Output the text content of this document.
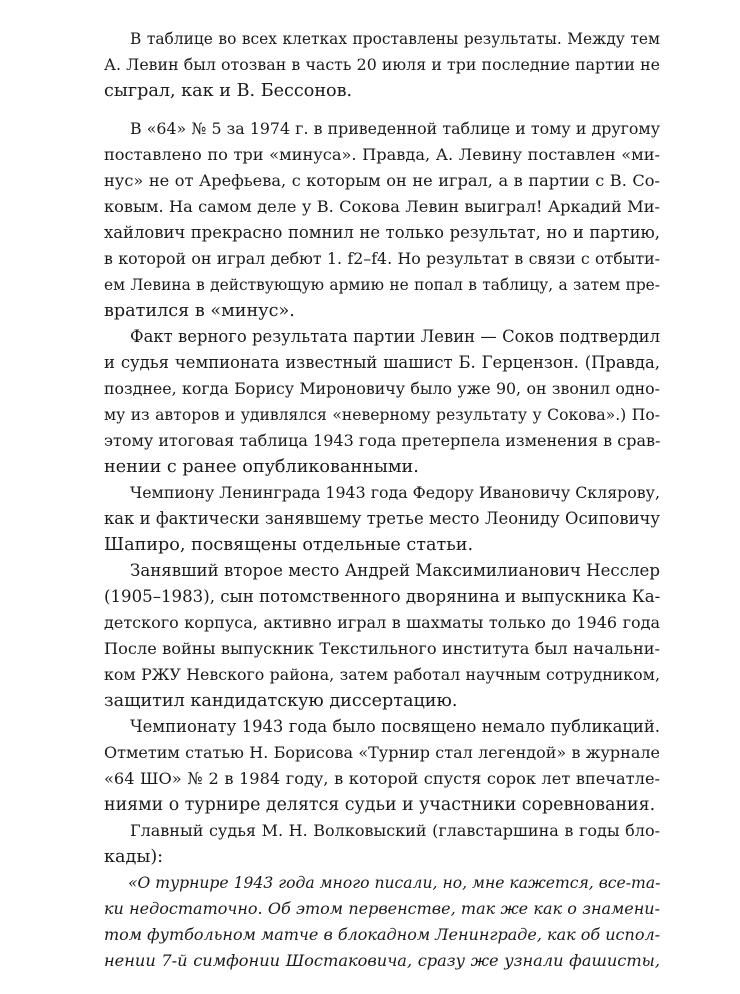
В таблице во всех клетках проставлены результаты. Между тем
А. Левин был отозван в часть 20 июля и три последние партии не
сыграл, как и В. Бессонов.
В «64» № 5 за 1974 г. в приведенной таблице и тому и другому
поставлено по три «минуса». Правда, А. Левину поставлен «ми-
нус» не от Арефьева, с которым он не играл, а в партии с В. Со-
ковым. На самом деле у В. Сокова Левин выиграл! Аркадий Ми-
хайлович прекрасно помнил не только результат, но и партию,
в которой он играл дебют 1. f2–f4. Но результат в связи с отбыти-
ем Левина в действующую армию не попал в таблицу, а затем пре-
вратился в «минус».
Факт верного результата партии Левин — Соков подтвердил
и судья чемпионата известный шашист Б. Герцензон. (Правда,
позднее, когда Борису Мироновичу было уже 90, он звонил одно-
му из авторов и удивлялся «неверному результату у Сокова».) По-
этому итоговая таблица 1943 года претерпела изменения в срав-
нении с ранее опубликованными.
Чемпиону Ленинграда 1943 года Федору Ивановичу Склярову,
как и фактически занявшему третье место Леониду Осиповичу
Шапиро, посвящены отдельные статьи.
Занявший второе место Андрей Максимилианович Несслер
(1905–1983), сын потомственного дворянина и выпускника Ка-
детского корпуса, активно играл в шахматы только до 1946 года
После войны выпускник Текстильного института был начальни-
ком РЖУ Невского района, затем работал научным сотрудником,
защитил кандидатскую диссертацию.
Чемпионату 1943 года было посвящено немало публикаций.
Отметим статью Н. Борисова «Турнир стал легендой» в журнале
«64 ШО» № 2 в 1984 году, в которой спустя сорок лет впечатле-
ниями о турнире делятся судьи и участники соревнования.
Главный судья М. Н. Волковыский (главстаршина в годы бло-
кады):
«О турнире 1943 года много писали, но, мне кажется, все-та-
ки недостаточно. Об этом первенстве, так же как о знамени-
том футбольном матче в блокадном Ленинграде, как об испол-
нении 7-й симфонии Шостаковича, сразу же узнали фашисты,
